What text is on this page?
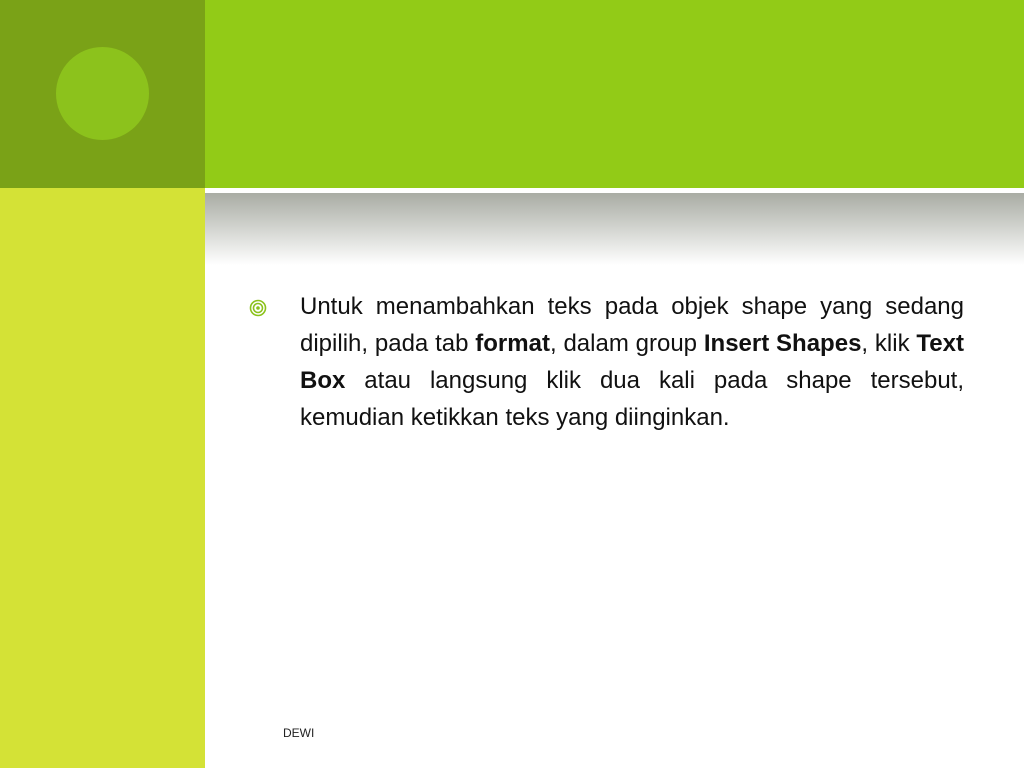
Untuk menambahkan teks pada objek shape yang sedang dipilih, pada tab format, dalam group Insert Shapes, klik Text Box atau langsung klik dua kali pada shape tersebut, kemudian ketikkan teks yang diinginkan.
DEWI
